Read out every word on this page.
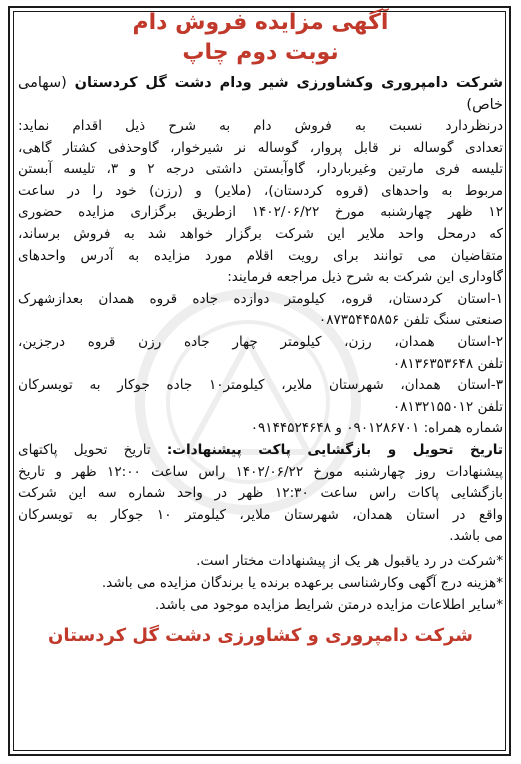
آگهی مزایده فروش دام
نوبت دوم چاپ
شرکت دامپروری وکشاورزی شیر ودام دشت گل کردستان (سهامی خاص)
درنظردارد نسبت به فروش دام به شرح ذیل اقدام نماید:
تعدادی گوساله نر قابل پروار، گوساله نر شیرخوار، گاوحذفی کشتار گاهی،
تلیسه فری مارتین وغیرباردار، گاوآبستن داشتی درجه ۲ و ۳، تلیسه آبستن
مربوط به واحدهای (قروه کردستان)، (ملایر) و (رزن) خود را در ساعت
۱۲ ظهر چهارشنبه مورخ ۱۴۰۲/۰۶/۲۲ ازطریق برگزاری مزایده حضوری
که درمحل واحد ملایر این شرکت برگزار خواهد شد به فروش برساند،
متقاضیان می توانند برای رویت اقلام مورد مزایده به آدرس واحدهای
گاوداری این شرکت به شرح ذیل مراجعه فرمایند:
۱-استان کردستان، قروه، کیلومتر دوازده جاده قروه همدان بعدازشهرک
صنعتی سنگ تلفن ۰۸۷۳۵۴۴۵۸۵۶
۲-استان همدان، رزن، کیلومتر چهار جاده رزن قروه درجزین،
تلفن ۰۸۱۳۶۳۵۳۶۴۸
۳-استان همدان، شهرستان ملایر، کیلومتر۱۰ جاده جوکار به تویسرکان
تلفن ۰۸۱۳۲۱۵۵۰۱۲
شماره همراه: ۰۹۰۱۲۸۶۷۰۱ و ۰۹۱۴۴۵۲۴۶۴۸
تاریخ تحویل و بازگشایی پاکت پیشنهادات: تاریخ تحویل پاکتهای
پیشنهادات روز چهارشنبه مورخ ۱۴۰۲/۰۶/۲۲ راس ساعت ۱۲:۰۰ ظهر و تاریخ
بازگشایی پاکات راس ساعت ۱۲:۳۰ ظهر در واحد شماره سه این شرکت
واقع در استان همدان، شهرستان ملایر، کیلومتر ۱۰ جوکار به تویسرکان
می باشد.
*شرکت در رد یاقبول هر یک از پیشنهادات مختار است.
*هزینه درج آگهی وکارشناسی برعهده برنده یا برندگان مزایده می باشد.
*سایر اطلاعات مزایده درمتن شرایط مزایده موجود می باشد.
شرکت دامپروری و کشاورزی دشت گل کردستان
